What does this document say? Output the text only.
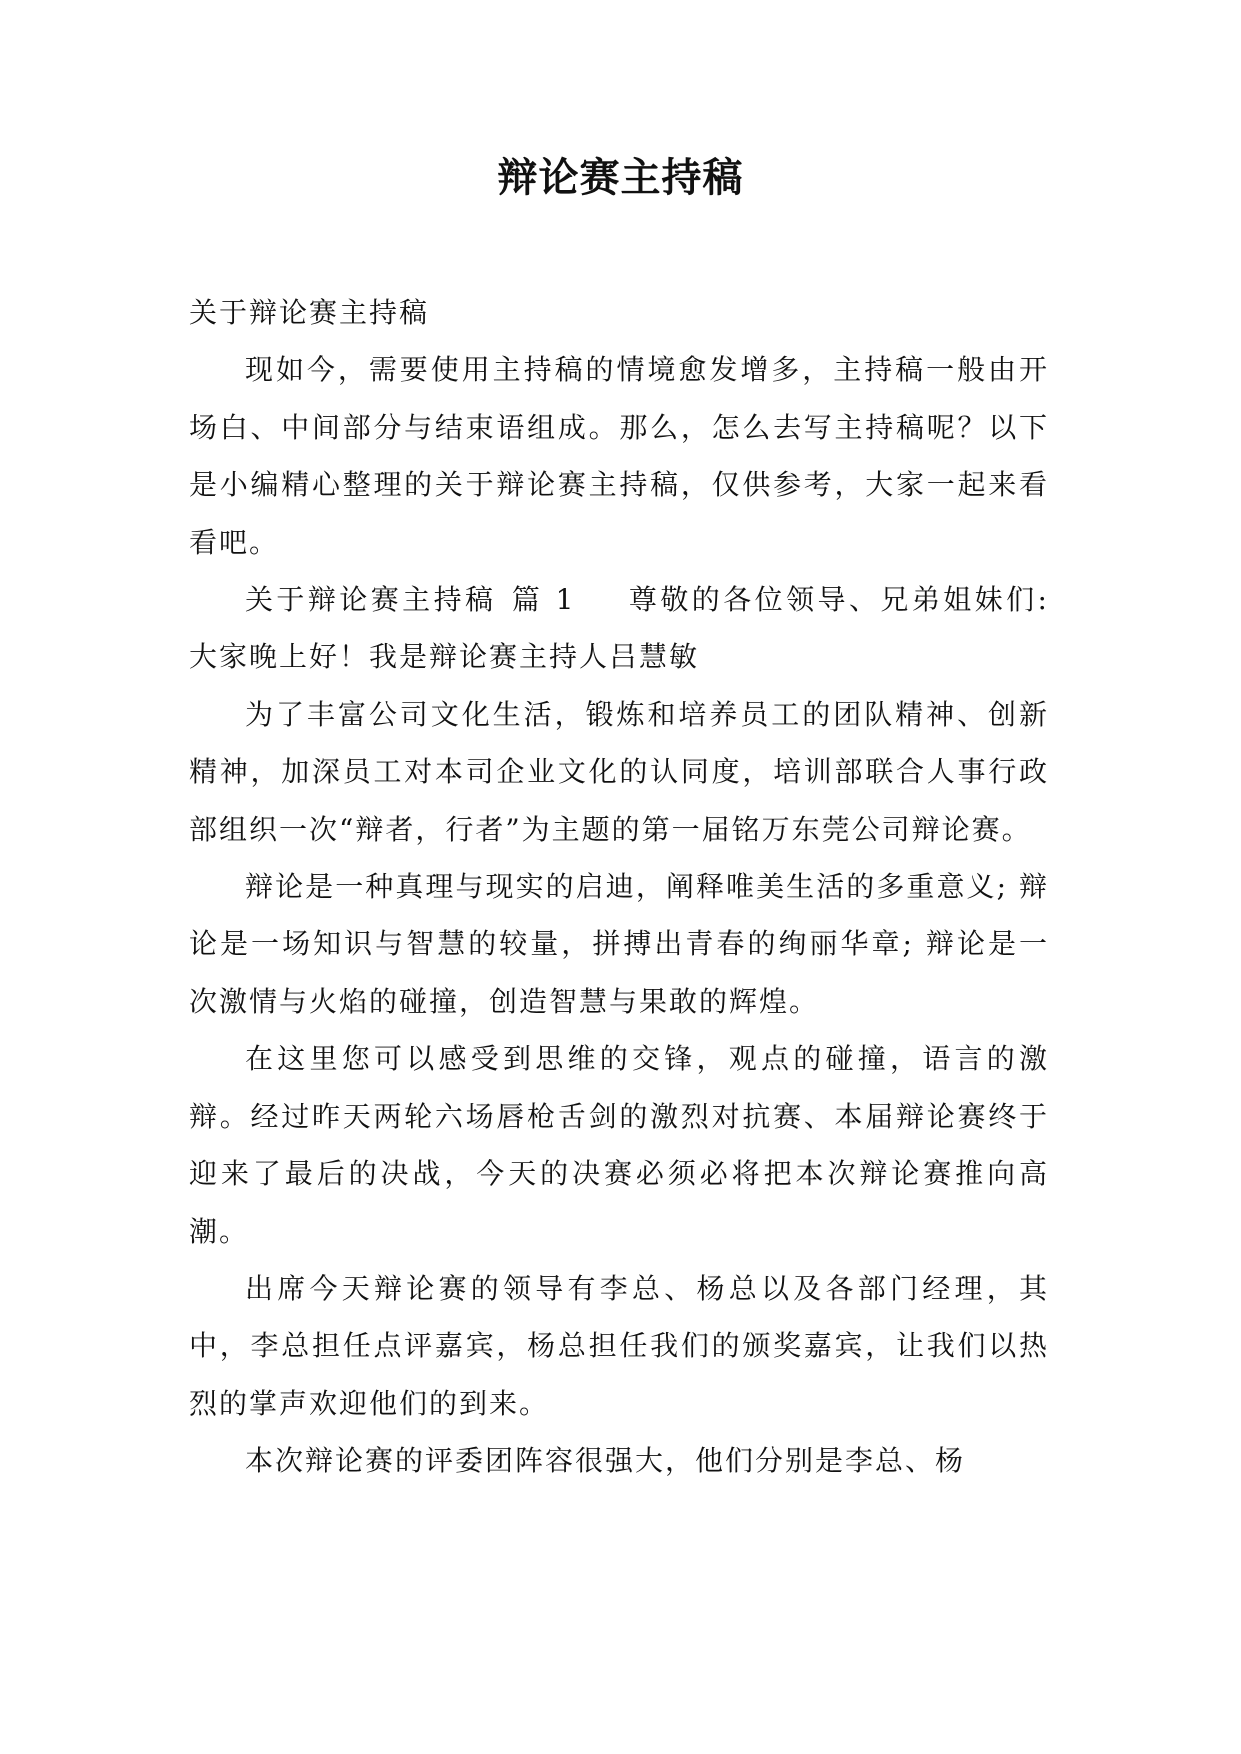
辩论赛主持稿

关于辩论赛主持稿

现如今，需要使用主持稿的情境愈发增多，主持稿一般由开场白、中间部分与结束语组成。那么，怎么去写主持稿呢？以下是小编精心整理的关于辩论赛主持稿，仅供参考，大家一起来看看吧。

关于辩论赛主持稿 篇 1 尊敬的各位领导、兄弟姐妹们: 大家晚上好！我是辩论赛主持人吕慧敏

为了丰富公司文化生活，锻炼和培养员工的团队精神、创新精神，加深员工对本司企业文化的认同度，培训部联合人事行政部组织一次“辩者，行者”为主题的第一届铭万东莞公司辩论赛。

辩论是一种真理与现实的启迪，阐释唯美生活的多重意义; 辩论是一场知识与智慧的较量，拼搏出青春的绚丽华章; 辩论是一次激情与火焰的碰撞，创造智慧与果敢的辉煌。

在这里您可以感受到思维的交锋，观点的碰撞，语言的激辩。经过昨天两轮六场唇枪舌剑的激烈对抗赛、本届辩论赛终于迎来了最后的决战，今天的决赛必须必将把本次辩论赛推向高潮。

出席今天辩论赛的领导有李总、杨总以及各部门经理，其中，李总担任点评嘉宾，杨总担任我们的颁奖嘉宾，让我们以热烈的掌声欢迎他们的到来。

本次辩论赛的评委团阵容很强大，他们分别是李总、杨
